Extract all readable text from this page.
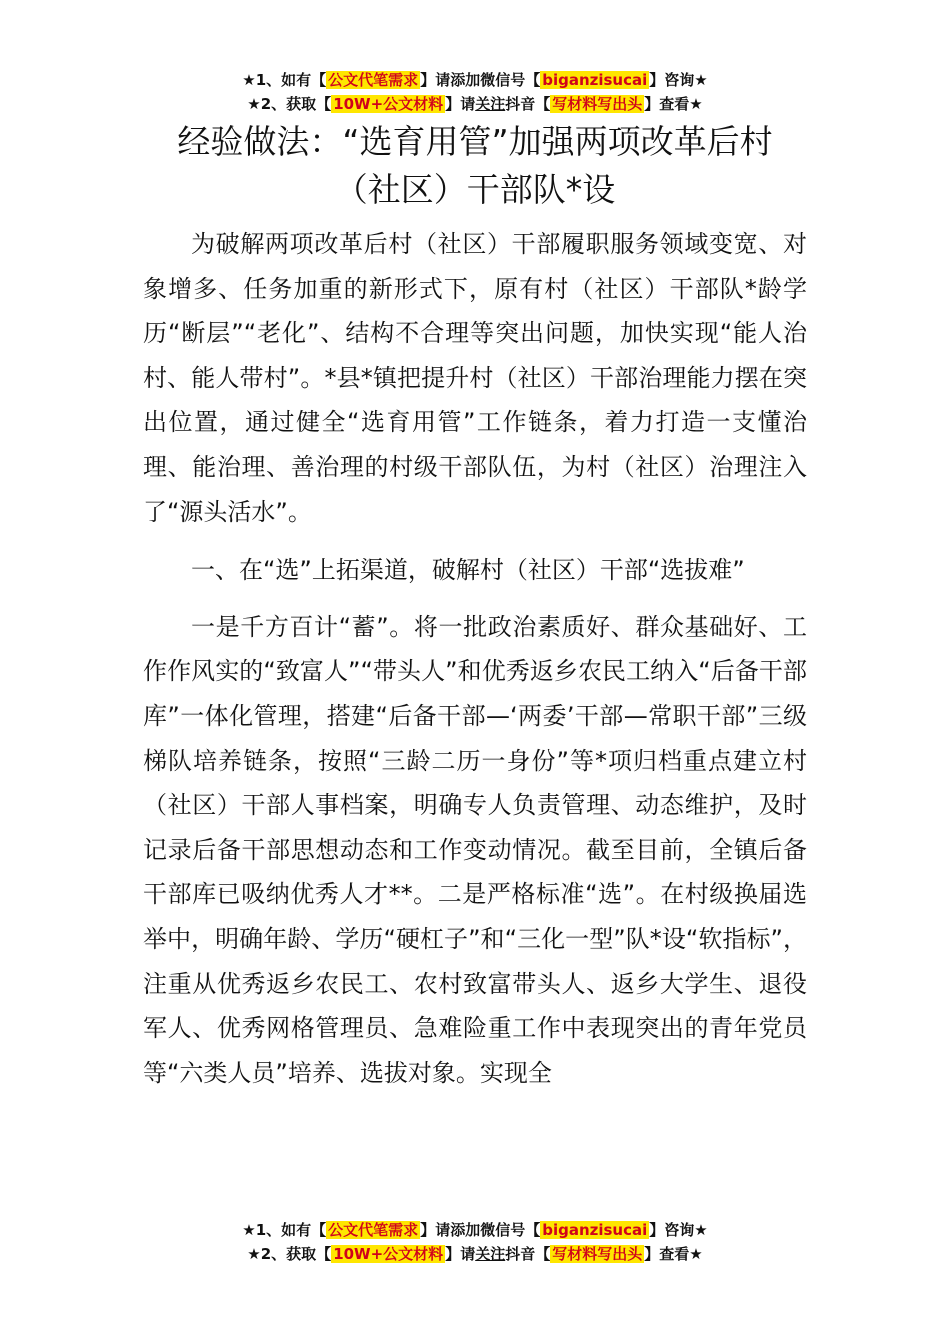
★1、如有【 公文代笔需求 】请添加微信号【 biganzisucai 】咨询★
★2、获取【 10W+公文材料 】请关注抖音【 写材料写出头 】查看★
经验做法：“选育用管”加强两项改革后村
（社区）干部队*设

为破解两项改革后村（社区）干部履职服务领域变宽、对象增多、任务加重的新形式下，原有村（社区）干部队*龄学历“断层”“老化”、结构不合理等突出问题，加快实现“能人治村、能人带村”。*县*镇把提升村（社区）干部治理能力摆在突出位置，通过健全“选育用管”工作链条，着力打造一支懂治理、能治理、善治理的村级干部队伍，为村（社区）治理注入了“源头活水”。

一、在“选”上拓渠道，破解村（社区）干部“选拔难”

一是千方百计“蓄”。将一批政治素质好、群众基础好、工作作风实的“致富人”“带头人”和优秀返乡农民工纳入“后备干部库”一体化管理，搭建“后备干部—‘两委’干部—常职干部”三级梯队培养链条，按照“三龄二历一身份”等*项归档重点建立村（社区）干部人事档案，明确专人负责管理、动态维护，及时记录后备干部思想动态和工作变动情况。截至目前，全镇后备干部库已吸纳优秀人才**。二是严格标准“选”。在村级换届选举中，明确年龄、学历“硬杠子”和“三化一型”队*设“软指标”，注重从优秀返乡农民工、农村致富带头人、返乡大学生、退役军人、优秀网格管理员、急难险重工作中表现突出的青年党员等“六类人员”培养、选拔对象。实现全

★1、如有【 公文代笔需求 】请添加微信号【 biganzisucai 】咨询★
★2、获取【 10W+公文材料 】请关注抖音【 写材料写出头 】查看★
